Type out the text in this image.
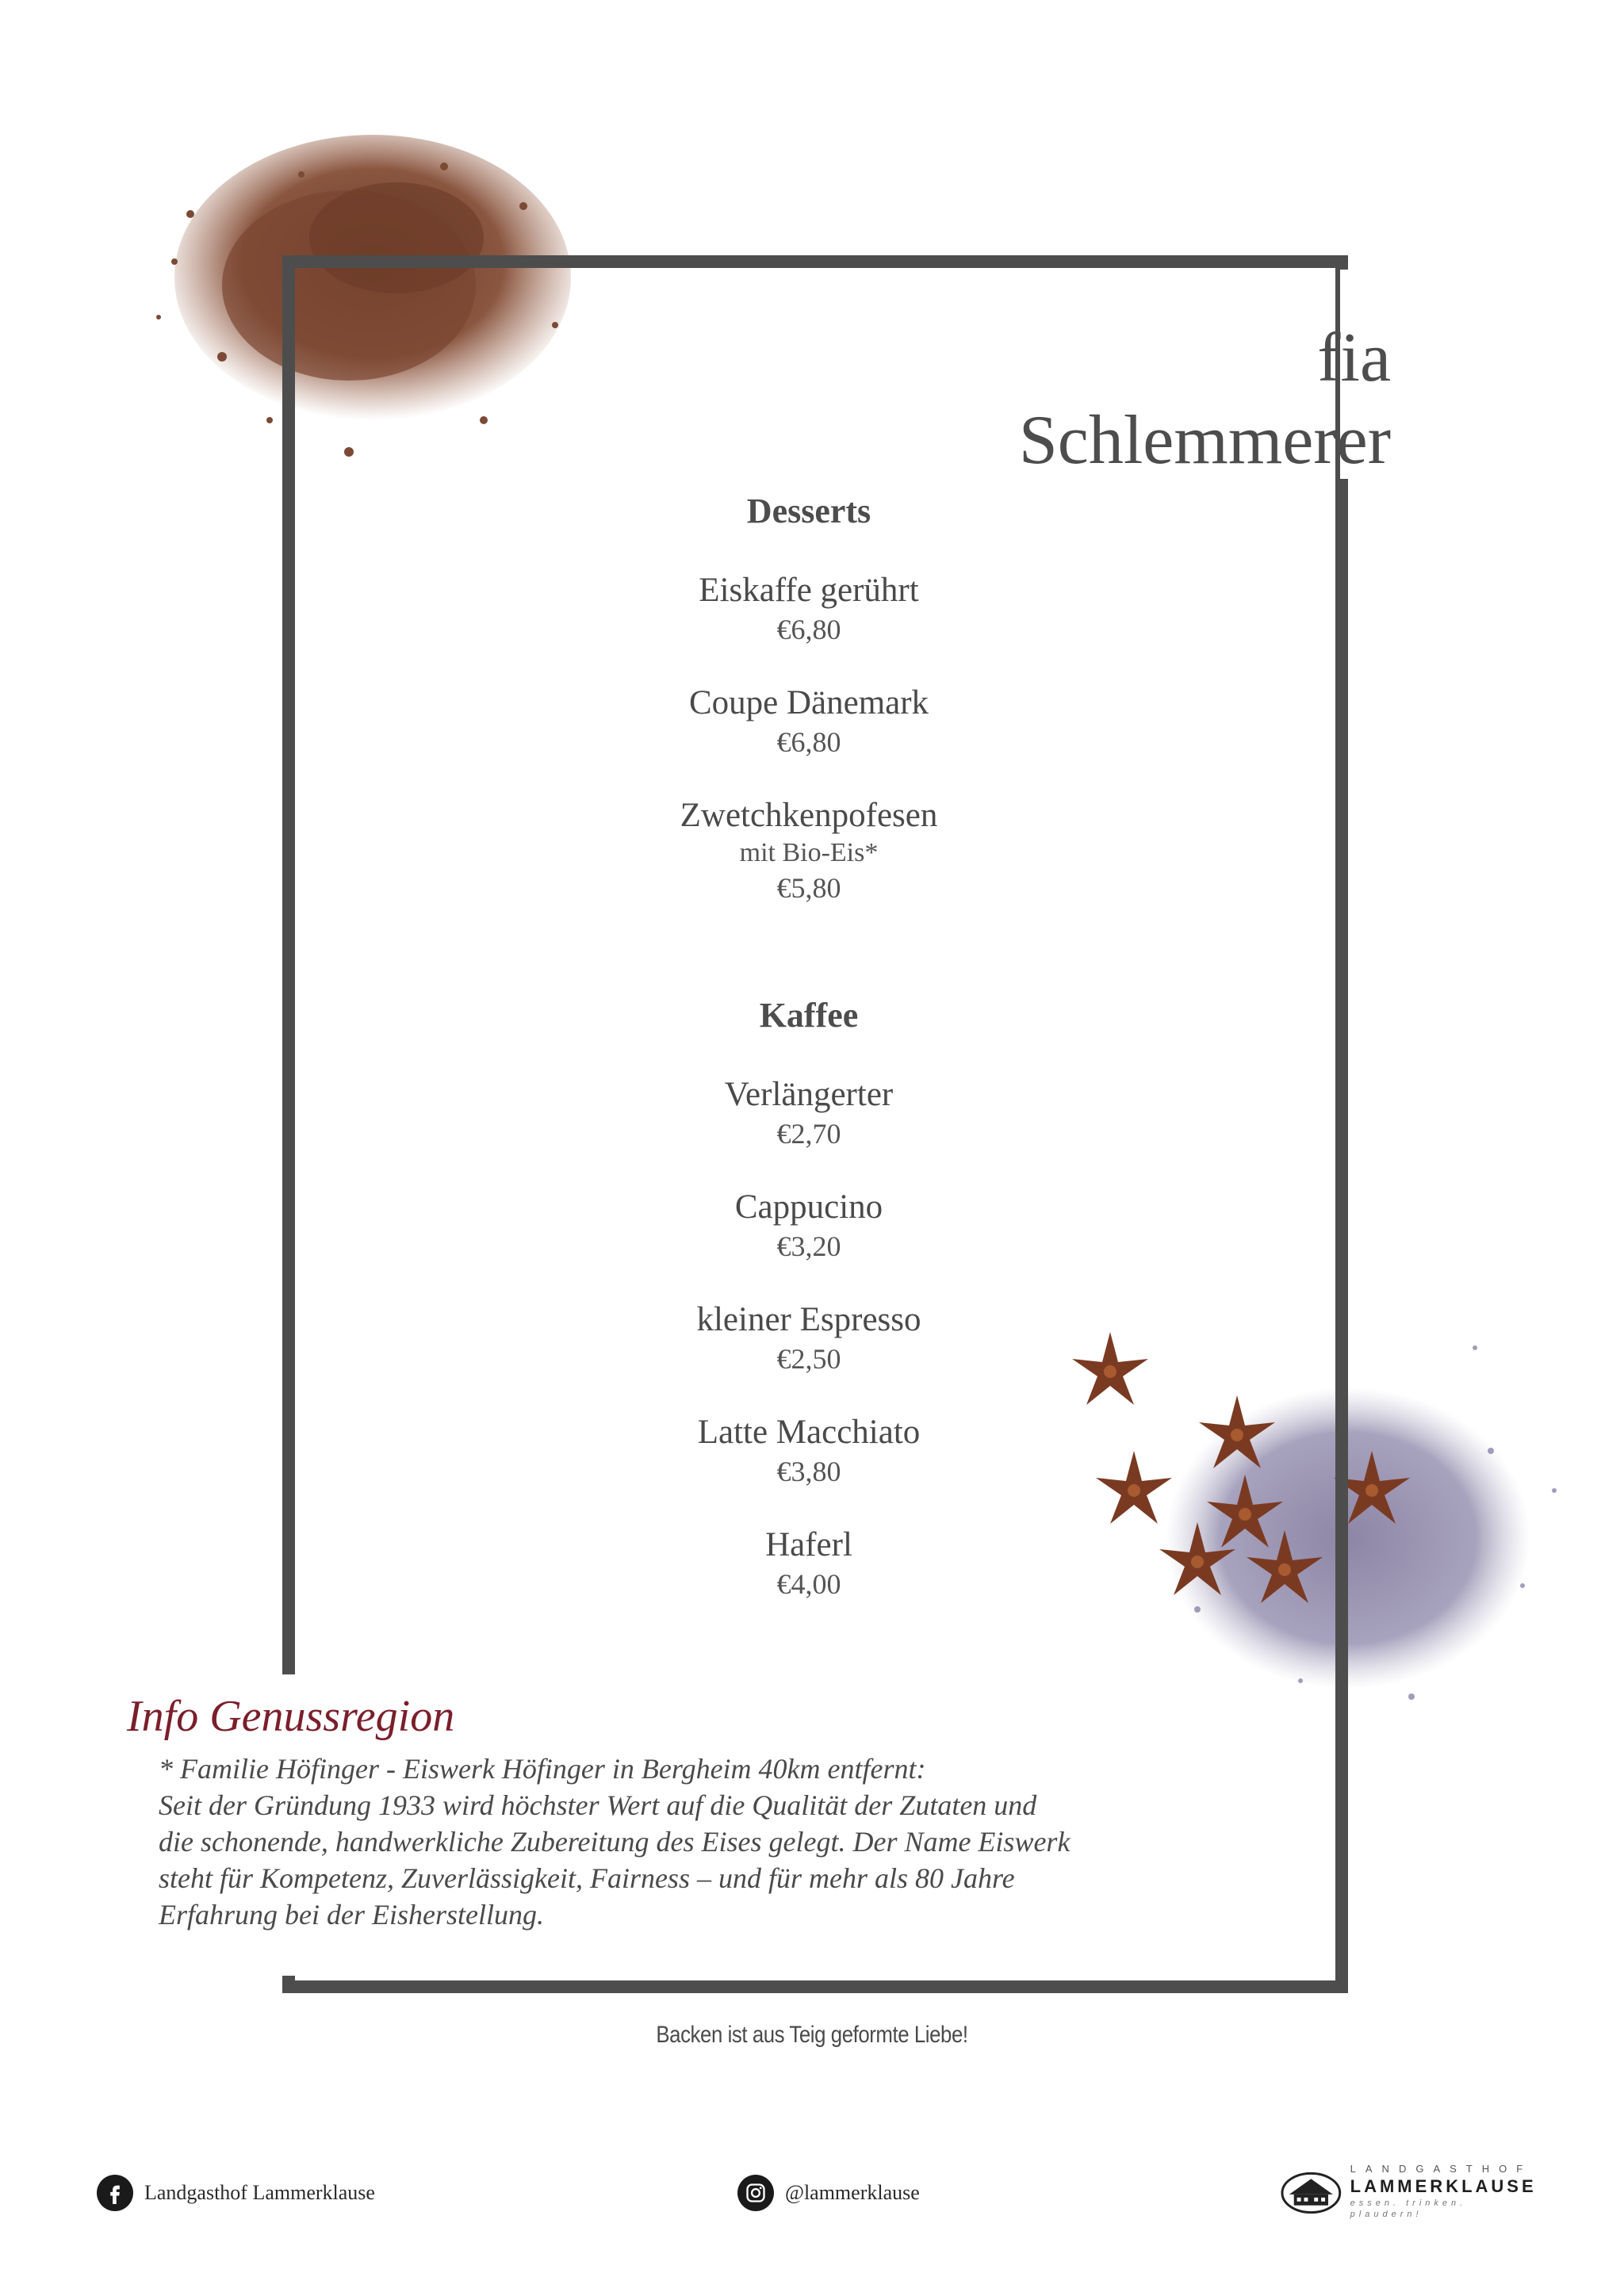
fia
Schlemmerer
Desserts
Eiskaffe gerührt
€6,80
Coupe Dänemark
€6,80
Zwetchkenpofesen
mit Bio-Eis*
€5,80
Kaffee
Verlängerter
€2,70
Cappucino
€3,20
kleiner Espresso
€2,50
Latte Macchiato
€3,80
Haferl
€4,00
Info Genussregion
* Familie Höfinger - Eiswerk Höfinger in Bergheim 40km entfernt:
Seit der Gründung 1933 wird höchster Wert auf die Qualität der Zutaten und
die schonende, handwerkliche Zubereitung des Eises gelegt. Der Name Eiswerk
steht für Kompetenz, Zuverlässigkeit, Fairness – und für mehr als 80 Jahre
Erfahrung bei der Eisherstellung.
Backen ist aus Teig geformte Liebe!
Landgasthof Lammerklause	@lammerklause
LANDGASTHOF
LAMMERKLAUSE
essen. trinken. plaudern!
